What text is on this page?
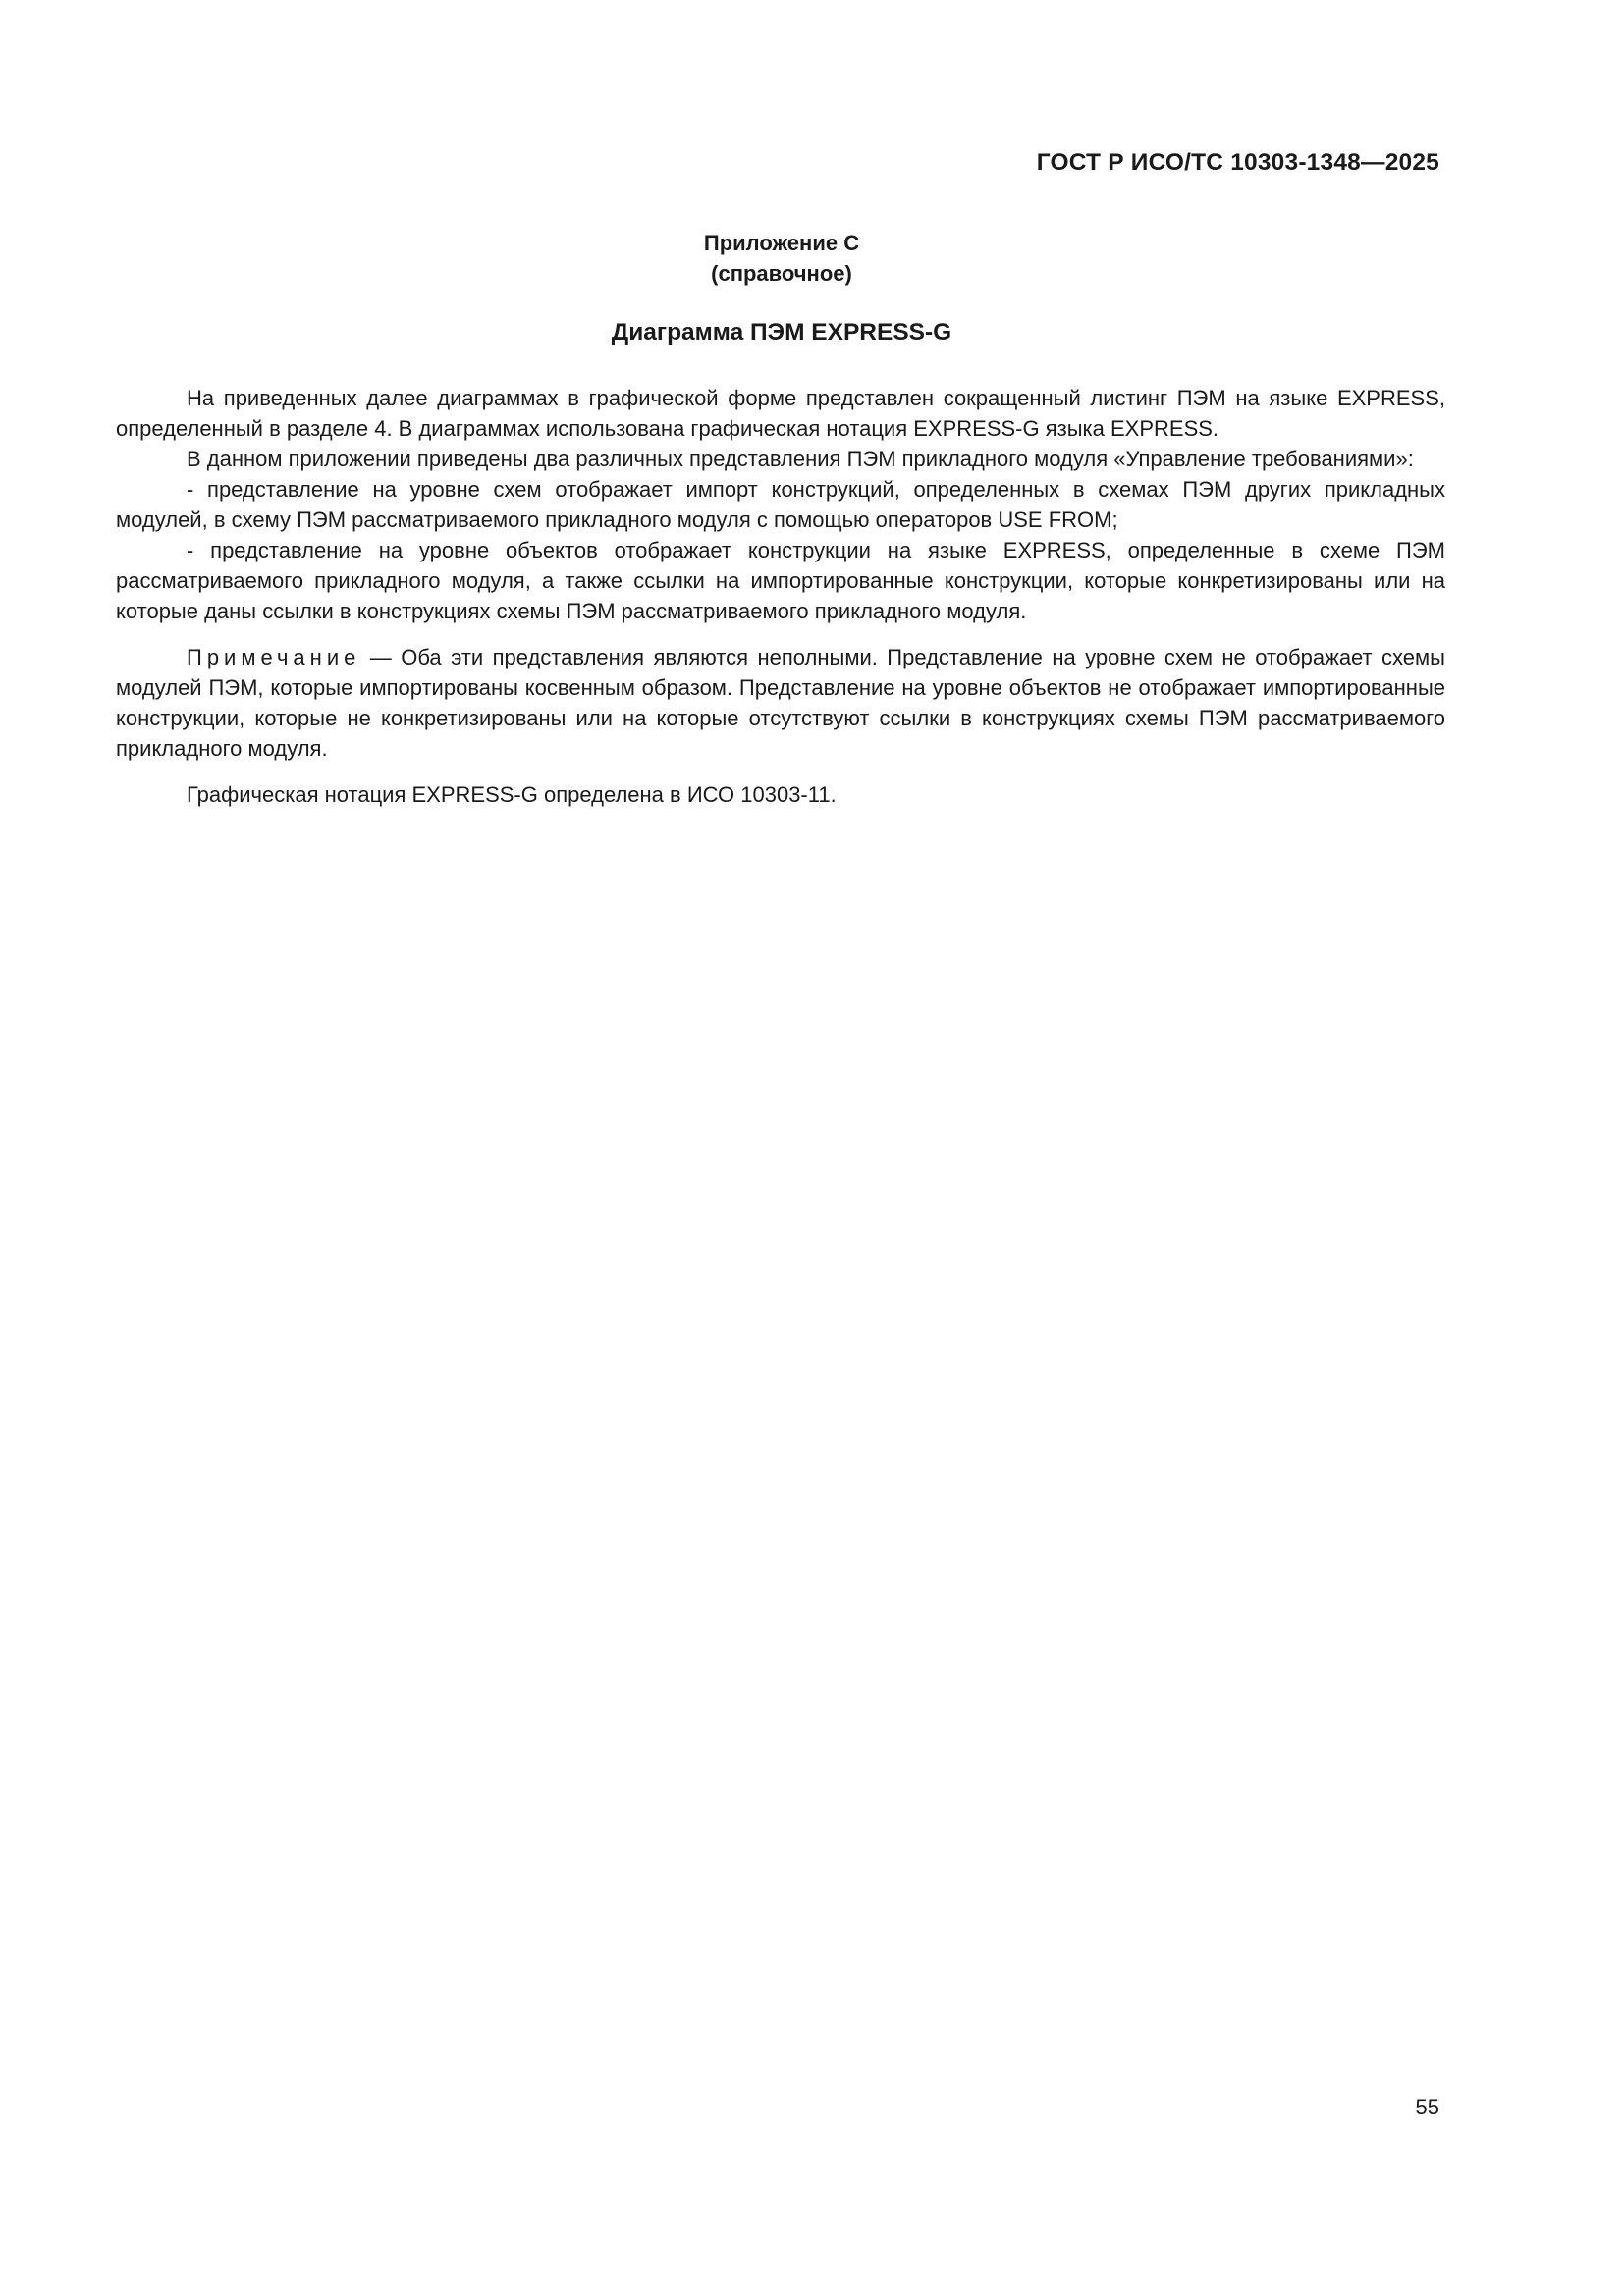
ГОСТ Р ИСО/ТС 10303-1348—2025
Приложение C
(справочное)
Диаграмма ПЭМ EXPRESS-G

На приведенных далее диаграммах в графической форме представлен сокращенный листинг ПЭМ на языке EXPRESS, определенный в разделе 4. В диаграммах использована графическая нотация EXPRESS-G языка EXPRESS.

В данном приложении приведены два различных представления ПЭМ прикладного модуля «Управление требованиями»:

- представление на уровне схем отображает импорт конструкций, определенных в схемах ПЭМ других прикладных модулей, в схему ПЭМ рассматриваемого прикладного модуля с помощью операторов USE FROM;

- представление на уровне объектов отображает конструкции на языке EXPRESS, определенные в схеме ПЭМ рассматриваемого прикладного модуля, а также ссылки на импортированные конструкции, которые конкретизированы или на которые даны ссылки в конструкциях схемы ПЭМ рассматриваемого прикладного модуля.

Примечание — Оба эти представления являются неполными. Представление на уровне схем не отображает схемы модулей ПЭМ, которые импортированы косвенным образом. Представление на уровне объектов не отображает импортированные конструкции, которые не конкретизированы или на которые отсутствуют ссылки в конструкциях схемы ПЭМ рассматриваемого прикладного модуля.

Графическая нотация EXPRESS-G определена в ИСО 10303-11.

55
